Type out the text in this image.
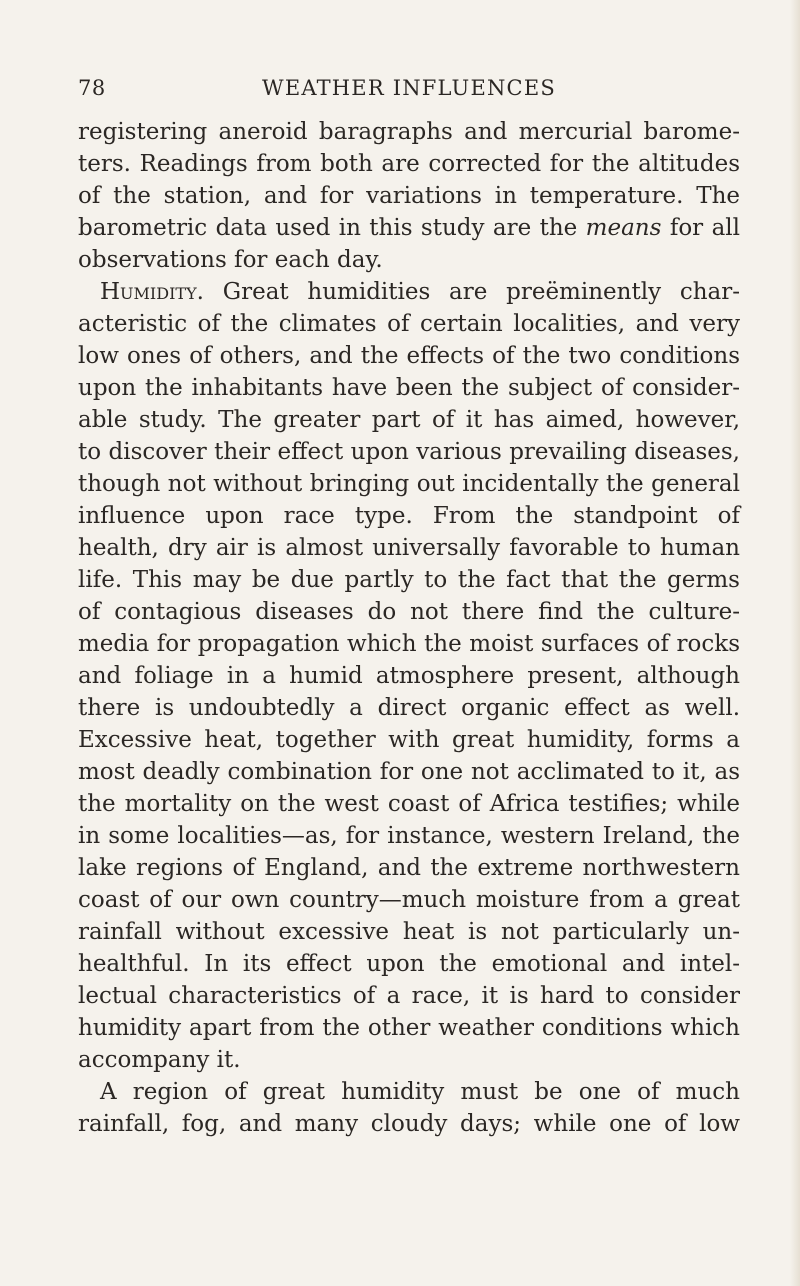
78	WEATHER INFLUENCES
registering aneroid baragraphs and mercurial barome-
ters. Readings from both are corrected for the altitudes
of the station, and for variations in temperature. The
barometric data used in this study are the means for all
observations for each day.
Humidity. Great humidities are preëminently char-
acteristic of the climates of certain localities, and very
low ones of others, and the effects of the two conditions
upon the inhabitants have been the subject of consider-
able study. The greater part of it has aimed, however,
to discover their effect upon various prevailing diseases,
though not without bringing out incidentally the general
influence upon race type. From the standpoint of
health, dry air is almost universally favorable to human
life. This may be due partly to the fact that the germs
of contagious diseases do not there find the culture-
media for propagation which the moist surfaces of rocks
and foliage in a humid atmosphere present, although
there is undoubtedly a direct organic effect as well.
Excessive heat, together with great humidity, forms a
most deadly combination for one not acclimated to it, as
the mortality on the west coast of Africa testifies; while
in some localities—as, for instance, western Ireland, the
lake regions of England, and the extreme northwestern
coast of our own country—much moisture from a great
rainfall without excessive heat is not particularly un-
healthful. In its effect upon the emotional and intel-
lectual characteristics of a race, it is hard to consider
humidity apart from the other weather conditions which
accompany it.
A region of great humidity must be one of much
rainfall, fog, and many cloudy days; while one of low
